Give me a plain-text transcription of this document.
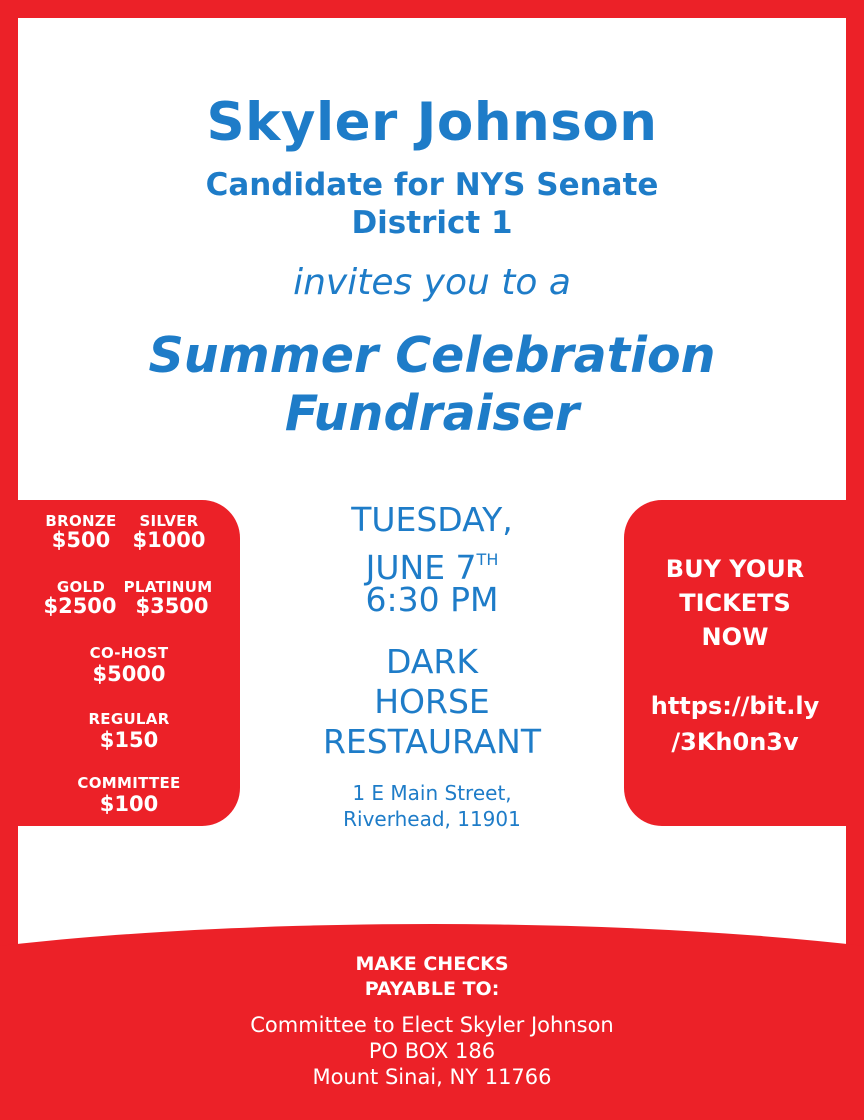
Skyler Johnson
Candidate for NYS Senate
District 1
invites you to a
Summer Celebration
Fundraiser
BRONZE	SILVER
$500	$1000
GOLD	PLATINUM
$2500 $3500
CO-HOST
$5000
REGULAR
$150
COMMITTEE
$100
TUESDAY,
JUNE 7TH
6:30 PM
DARK
HORSE
RESTAURANT
1 E Main Street,
Riverhead, 11901
BUY YOUR
TICKETS
NOW
https://bit.ly
/3Kh0n3v
MAKE CHECKS
PAYABLE TO:
Committee to Elect Skyler Johnson
PO BOX 186
Mount Sinai, NY 11766
